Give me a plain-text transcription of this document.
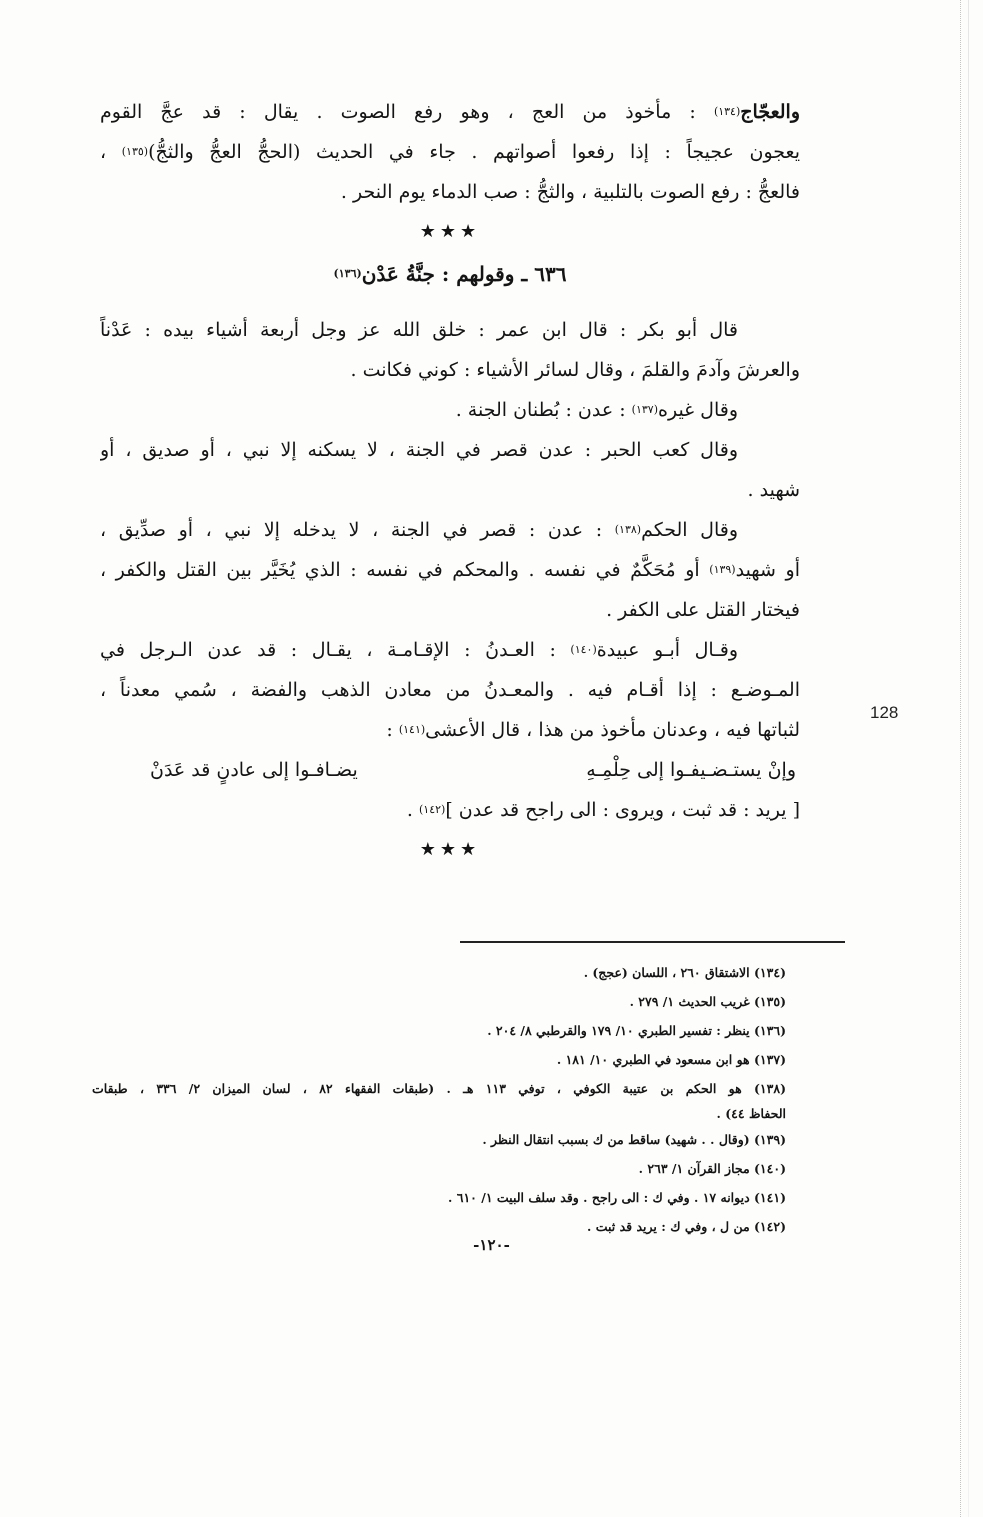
128
والعجّاج$^{(١٣٤)}$ : مأخوذ من العج ، وهو رفع الصوت . يقال : قد عجَّ القوم
يعجون عجيجاً : إذا رفعوا أصواتهم . جاء في الحديث (الحجُّ العجُّ والثجُّ)$^{(١٣٥)}$ ،
فالعجُّ : رفع الصوت بالتلبية ، والثجُّ : صب الدماء يوم النحر .
★★★
٦٣٦ ـ وقولهم : جنَّةُ عَدْن$^{(١٣٦)}$
قال أبو بكر : قال ابن عمر : خلق الله عز وجل أربعة أشياء بيده : عَدْناً
والعرشَ وآدمَ والقلمَ ، وقال لسائر الأشياء : كوني فكانت .
وقال غيره$^{(١٣٧)}$ : عدن : بُطنان الجنة .
وقال كعب الحبر : عدن قصر في الجنة ، لا يسكنه إلا نبي ، أو صديق ، أو
شهيد .
وقال الحكم$^{(١٣٨)}$ : عدن : قصر في الجنة ، لا يدخله إلا نبي ، أو صدِّيق ،
أو شهيد$^{(١٣٩)}$ أو مُحَكَّمٌ في نفسه . والمحكم في نفسه : الذي يُخَيَّر بين القتل والكفر ،
فيختار القتل على الكفر .
وقـال أبـو عبيدة$^{(١٤٠)}$ : العـدنُ : الإقـامـة ، يقـال : قد عدن الـرجل في
المـوضـع : إذا أقـام فيه . والمعـدنُ من معادن الذهب والفضة ، سُمي معدناً ،
لثباتها فيه ، وعدنان مأخوذ من هذا ، قال الأعشى$^{(١٤١)}$ :
وإنْ يستـضـيفـوا إلى حِلْمِـهِ
يضـافـوا إلى عادنٍ قد عَدَنْ
[ يريد : قد ثبت ، ويروى : الى راجح قد عدن ]$^{(١٤٢)}$ .
★★★
(١٣٤) الاشتقاق ٢٦٠ ، اللسان (عجج) .
(١٣٥) غريب الحديث ١/ ٢٧٩ .
(١٣٦) ينظر : تفسير الطبري ١٠/ ١٧٩ والقرطبي ٨/ ٢٠٤ .
(١٣٧) هو ابن مسعود في الطبري ١٠/ ١٨١ .
(١٣٨) هو الحكم بن عتيبة الكوفي ، توفي ١١٣ هـ . (طبقات الفقهاء ٨٢ ، لسان الميزان ٢/ ٣٣٦ ، طبقات
الحفاظ ٤٤) .
(١٣٩) (وقال . . شهيد) ساقط من ك بسبب انتقال النظر .
(١٤٠) مجاز القرآن ١/ ٢٦٣ .
(١٤١) ديوانه ١٧ . وفي ك : الى راجح . وقد سلف البيت ١/ ٦١٠ .
(١٤٢) من ل ، وفي ك : يريد قد ثبت .
-١٢٠-
